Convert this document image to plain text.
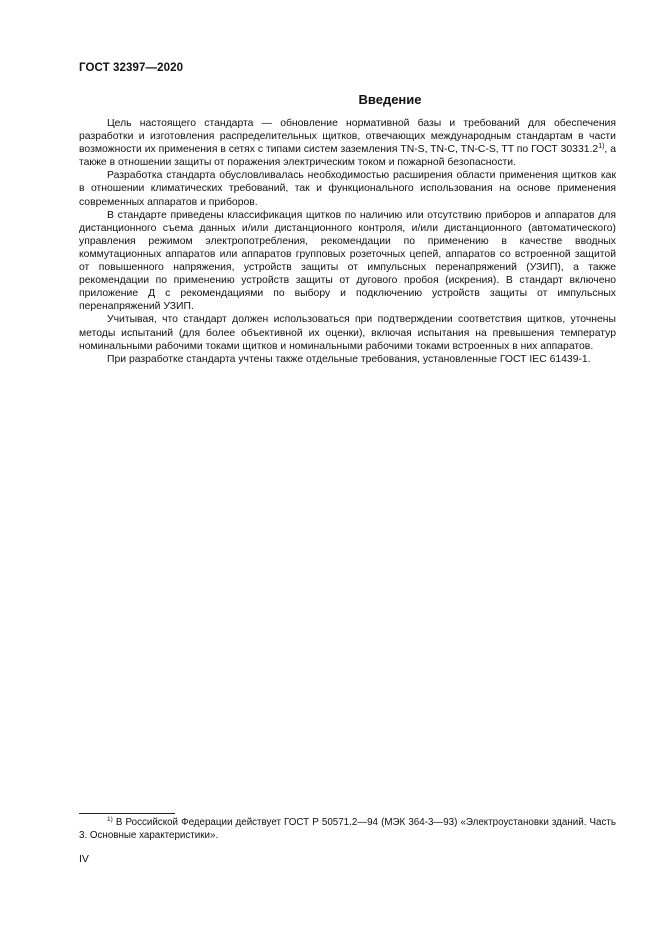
ГОСТ 32397—2020
Введение

Цель настоящего стандарта — обновление нормативной базы и требований для обеспечения разработки и изготовления распределительных щитков, отвечающих международным стандартам в части возможности их применения в сетях с типами систем заземления TN-S, TN-C, TN-C-S, TT по ГОСТ 30331.2$^{1)}$, а также в отношении защиты от поражения электрическим током и пожарной безопасности.

Разработка стандарта обусловливалась необходимостью расширения области применения щитков как в отношении климатических требований, так и функционального использования на основе применения современных аппаратов и приборов.

В стандарте приведены классификация щитков по наличию или отсутствию приборов и аппаратов для дистанционного съема данных и/или дистанционного контроля, и/или дистанционного (автоматического) управления режимом электропотребления, рекомендации по применению в качестве вводных коммутационных аппаратов или аппаратов групповых розеточных цепей, аппаратов со встроенной защитой от повышенного напряжения, устройств защиты от импульсных перенапряжений (УЗИП), а также рекомендации по применению устройств защиты от дугового пробоя (искрения). В стандарт включено приложение Д с рекомендациями по выбору и подключению устройств защиты от импульсных перенапряжений УЗИП.

Учитывая, что стандарт должен использоваться при подтверждении соответствия щитков, уточнены методы испытаний (для более объективной их оценки), включая испытания на превышения температур номинальными рабочими токами щитков и номинальными рабочими токами встроенных в них аппаратов.

При разработке стандарта учтены также отдельные требования, установленные ГОСТ IEC 61439-1.

$^{1)}$ В Российской Федерации действует ГОСТ Р 50571.2—94 (МЭК 364-3—93) «Электроустановки зданий. Часть 3. Основные характеристики».

IV
